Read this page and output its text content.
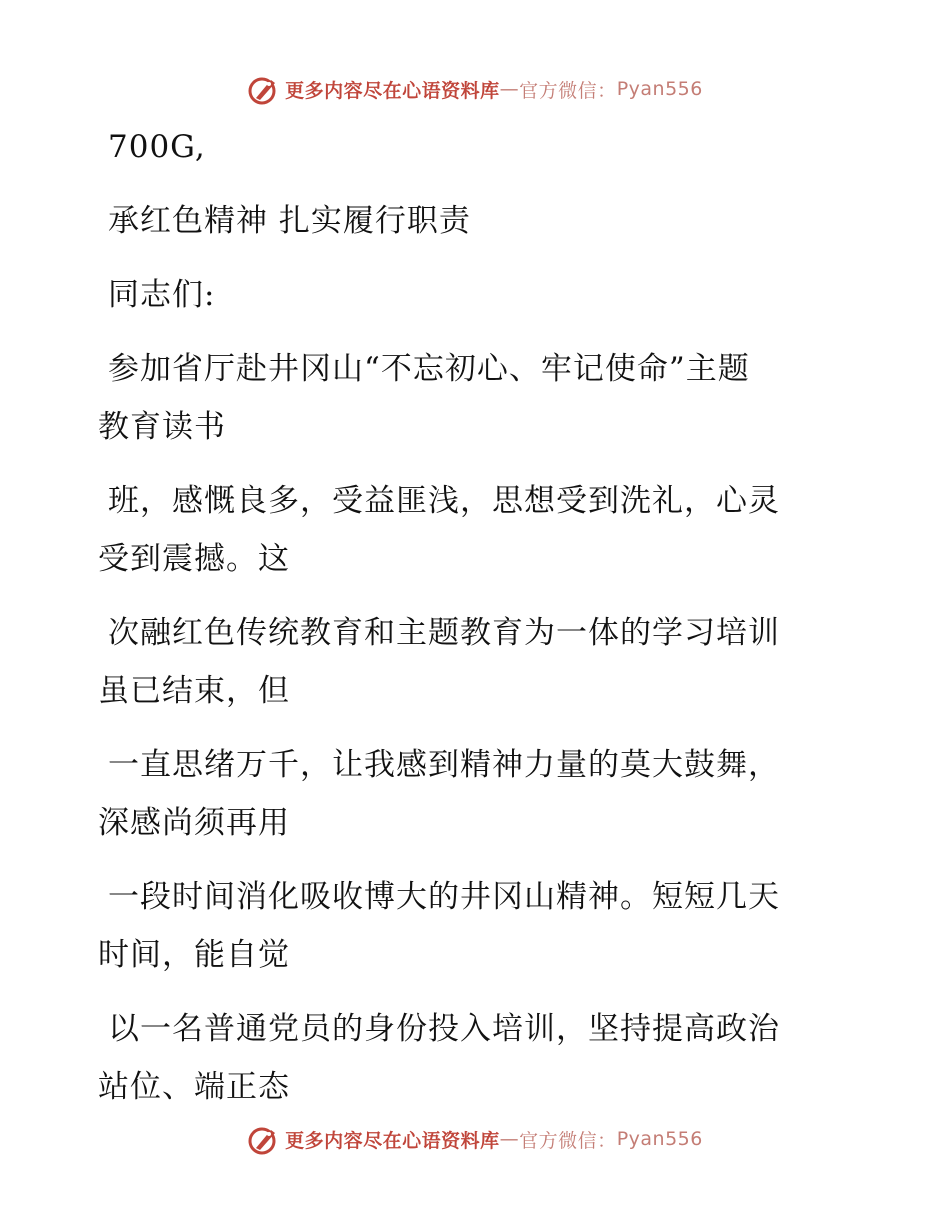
更多内容尽在心语资料库 — 官方微信： Pyan556
700G,
承红色精神 扎实履行职责
同志们:
参加省厅赴井冈山“不忘初心、牢记使命”主题
教育读书
班，感慨良多，受益匪浅，思想受到洗礼，心灵
受到震撼。这
次融红色传统教育和主题教育为一体的学习培训
虽已结束，但
一直思绪万千，让我感到精神力量的莫大鼓舞，
深感尚须再用
一段时间消化吸收博大的井冈山精神。短短几天
时间，能自觉
以一名普通党员的身份投入培训，坚持提高政治
站位、端正态
更多内容尽在心语资料库 — 官方微信： Pyan556
